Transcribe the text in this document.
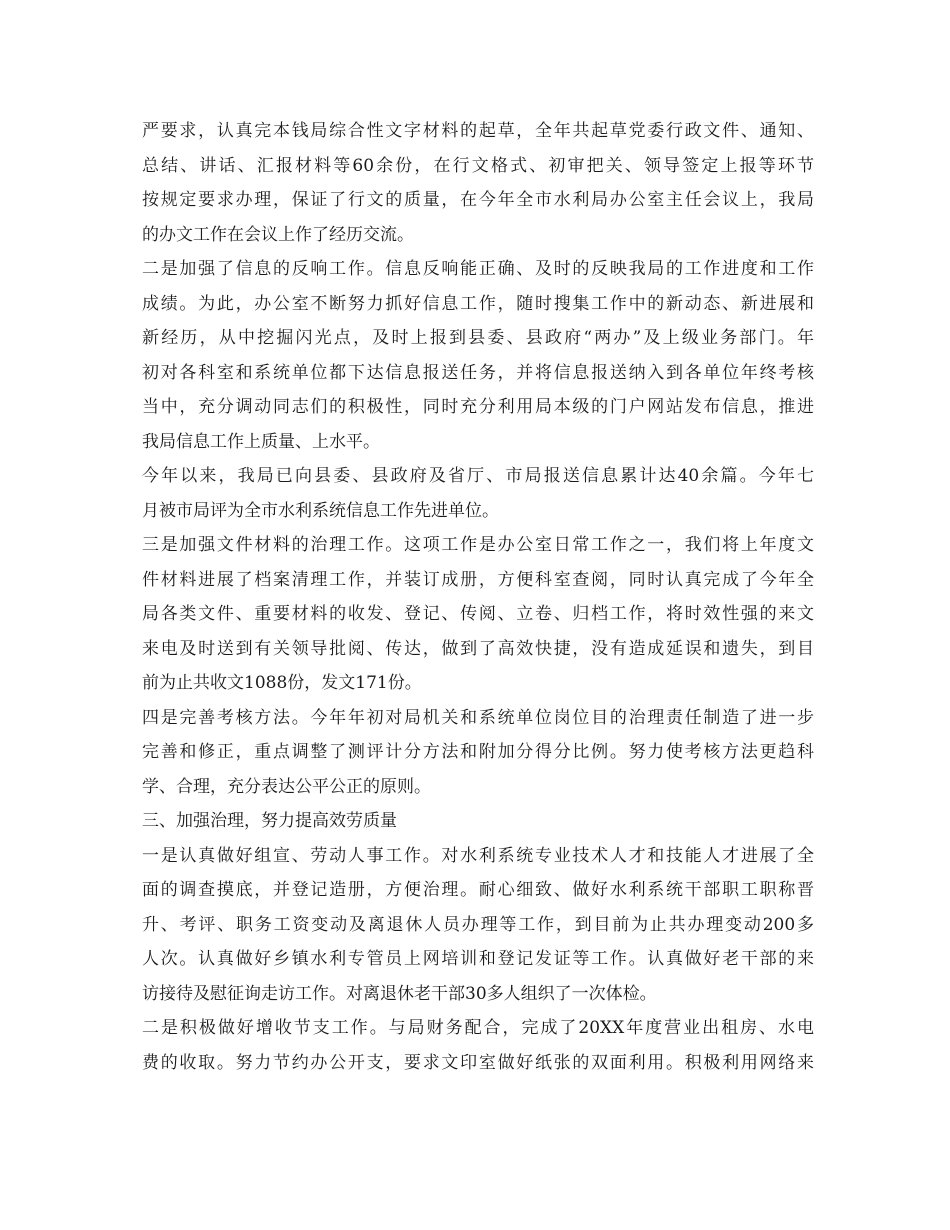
严要求，认真完本钱局综合性文字材料的起草，全年共起草党委行政文件、通知、
总结、讲话、汇报材料等60余份，在行文格式、初审把关、领导签定上报等环节
按规定要求办理，保证了行文的质量，在今年全市水利局办公室主任会议上，我局
的办文工作在会议上作了经历交流。
二是加强了信息的反响工作。信息反响能正确、及时的反映我局的工作进度和工作
成绩。为此，办公室不断努力抓好信息工作，随时搜集工作中的新动态、新进展和
新经历，从中挖掘闪光点，及时上报到县委、县政府“两办”及上级业务部门。年
初对各科室和系统单位都下达信息报送任务，并将信息报送纳入到各单位年终考核
当中，充分调动同志们的积极性，同时充分利用局本级的门户网站发布信息，推进
我局信息工作上质量、上水平。
今年以来，我局已向县委、县政府及省厅、市局报送信息累计达40余篇。今年七
月被市局评为全市水利系统信息工作先进单位。
三是加强文件材料的治理工作。这项工作是办公室日常工作之一，我们将上年度文
件材料进展了档案清理工作，并装订成册，方便科室查阅，同时认真完成了今年全
局各类文件、重要材料的收发、登记、传阅、立卷、归档工作，将时效性强的来文
来电及时送到有关领导批阅、传达，做到了高效快捷，没有造成延误和遗失，到目
前为止共收文1088份，发文171份。
四是完善考核方法。今年年初对局机关和系统单位岗位目的治理责任制造了进一步
完善和修正，重点调整了测评计分方法和附加分得分比例。努力使考核方法更趋科
学、合理，充分表达公平公正的原则。
三、加强治理，努力提高效劳质量
一是认真做好组宣、劳动人事工作。对水利系统专业技术人才和技能人才进展了全
面的调查摸底，并登记造册，方便治理。耐心细致、做好水利系统干部职工职称晋
升、考评、职务工资变动及离退休人员办理等工作，到目前为止共办理变动200多
人次。认真做好乡镇水利专管员上网培训和登记发证等工作。认真做好老干部的来
访接待及慰征询走访工作。对离退休老干部30多人组织了一次体检。
二是积极做好增收节支工作。与局财务配合，完成了20XX年度营业出租房、水电
费的收取。努力节约办公开支，要求文印室做好纸张的双面利用。积极利用网络来
